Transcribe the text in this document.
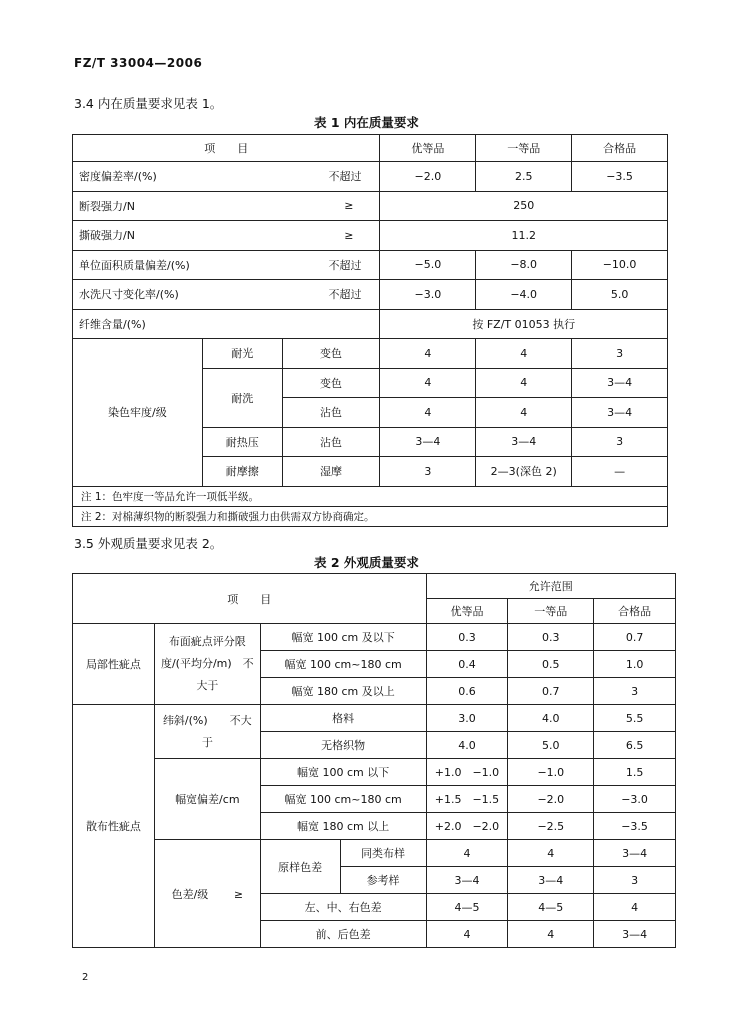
FZ/T 33004—2006
3.4 内在质量要求见表 1。
表 1 内在质量要求
项　　目			优等品	一等品	合格品
密度偏差率/(%)		不超过	−2.0	2.5	−3.5
断裂强力/N		≥	250		
撕破强力/N		≥	11.2		
单位面积质量偏差/(%)		不超过	−5.0	−8.0	−10.0
水洗尺寸变化率/(%)		不超过	−3.0	−4.0	5.0
纤维含量/(%)			按 FZ/T 01053 执行		
染色牢度/级	耐光	变色	4	4	3
	耐洗	变色	4	4	3—4
		沾色	4	4	3—4
	耐热压	沾色	3—4	3—4	3
	耐摩擦	湿摩	3	2—3(深色 2)	—
注 1：色牢度一等品允许一项低半级。					
注 2：对棉薄织物的断裂强力和撕破强力由供需双方协商确定。					
3.5 外观质量要求见表 2。
表 2 外观质量要求
项　　目				允许范围		
				优等品	一等品	合格品
局部性疵点	布面疵点评分限度/(平均分/m)　不大于	幅宽 100 cm 及以下		0.3	0.3	0.7
		幅宽 100 cm~180 cm		0.4	0.5	1.0
		幅宽 180 cm 及以上		0.6	0.7	3
散布性疵点	纬斜/(%)　　不大于	格料		3.0	4.0	5.5
		无格织物		4.0	5.0	6.5
	幅宽偏差/cm	幅宽 100 cm 以下		+1.0　−1.0	−1.0	1.5
		幅宽 100 cm~180 cm		+1.5　−1.5	−2.0	−3.0
		幅宽 180 cm 以上		+2.0　−2.0	−2.5	−3.5
	色差/级 ≥	原样色差	同类布样	4	4	3—4
			参考样	3—4	3—4	3
		左、中、右色差		4—5	4—5	4
		前、后色差		4	4	3—4
2
